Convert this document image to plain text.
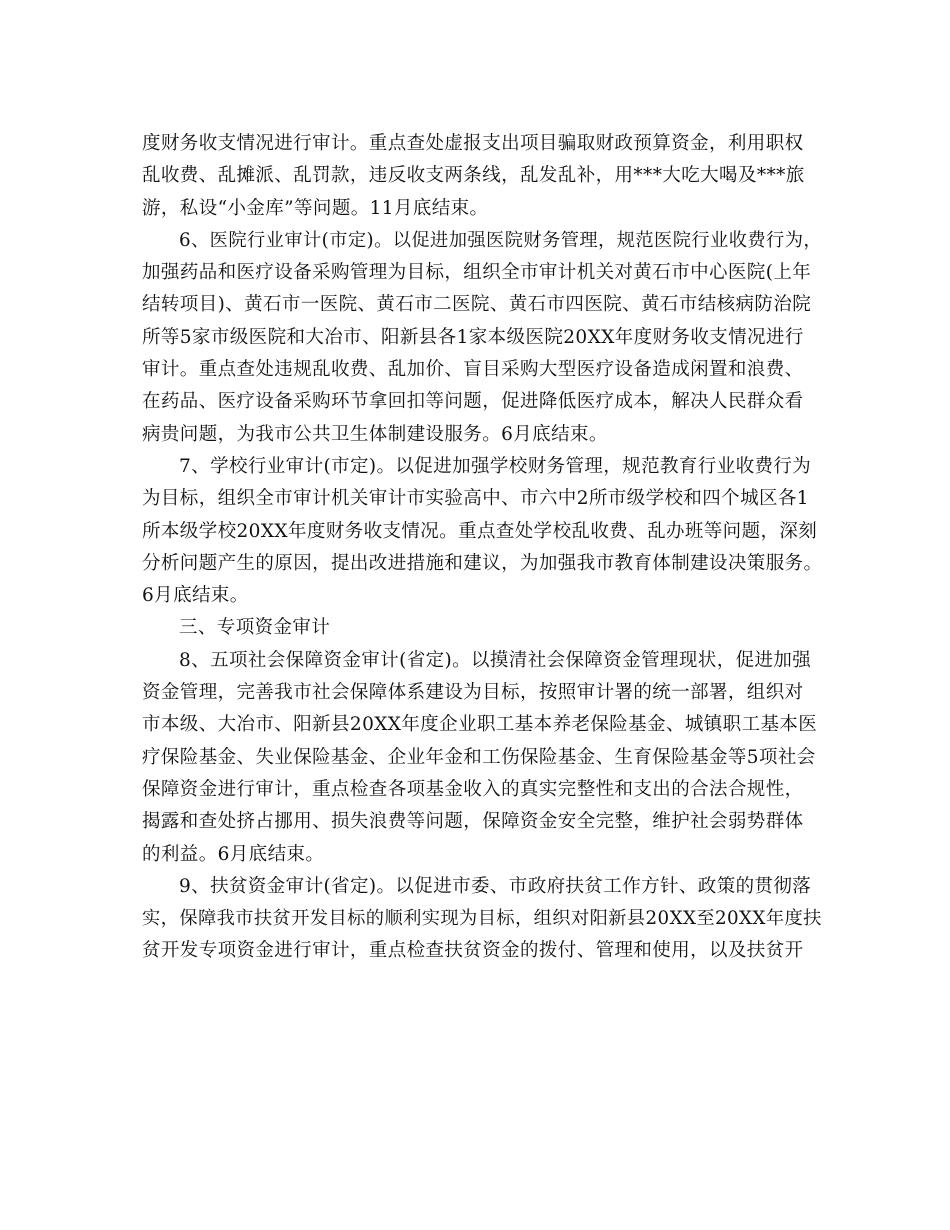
度财务收支情况进行审计。重点查处虚报支出项目骗取财政预算资金，利用职权
乱收费、乱摊派、乱罚款，违反收支两条线，乱发乱补，用***大吃大喝及***旅
游，私设“小金库”等问题。11月底结束。
6、医院行业审计(市定)。以促进加强医院财务管理，规范医院行业收费行为，
加强药品和医疗设备采购管理为目标，组织全市审计机关对黄石市中心医院(上年
结转项目)、黄石市一医院、黄石市二医院、黄石市四医院、黄石市结核病防治院
所等5家市级医院和大冶市、阳新县各1家本级医院20XX年度财务收支情况进行
审计。重点查处违规乱收费、乱加价、盲目采购大型医疗设备造成闲置和浪费、
在药品、医疗设备采购环节拿回扣等问题，促进降低医疗成本，解决人民群众看
病贵问题，为我市公共卫生体制建设服务。6月底结束。
7、学校行业审计(市定)。以促进加强学校财务管理，规范教育行业收费行为
为目标，组织全市审计机关审计市实验高中、市六中2所市级学校和四个城区各1
所本级学校20XX年度财务收支情况。重点查处学校乱收费、乱办班等问题，深刻
分析问题产生的原因，提出改进措施和建议，为加强我市教育体制建设决策服务。
6月底结束。
三、专项资金审计
8、五项社会保障资金审计(省定)。以摸清社会保障资金管理现状，促进加强
资金管理，完善我市社会保障体系建设为目标，按照审计署的统一部署，组织对
市本级、大冶市、阳新县20XX年度企业职工基本养老保险基金、城镇职工基本医
疗保险基金、失业保险基金、企业年金和工伤保险基金、生育保险基金等5项社会
保障资金进行审计，重点检查各项基金收入的真实完整性和支出的合法合规性，
揭露和查处挤占挪用、损失浪费等问题，保障资金安全完整，维护社会弱势群体
的利益。6月底结束。
9、扶贫资金审计(省定)。以促进市委、市政府扶贫工作方针、政策的贯彻落
实，保障我市扶贫开发目标的顺利实现为目标，组织对阳新县20XX至20XX年度扶
贫开发专项资金进行审计，重点检查扶贫资金的拨付、管理和使用，以及扶贫开
